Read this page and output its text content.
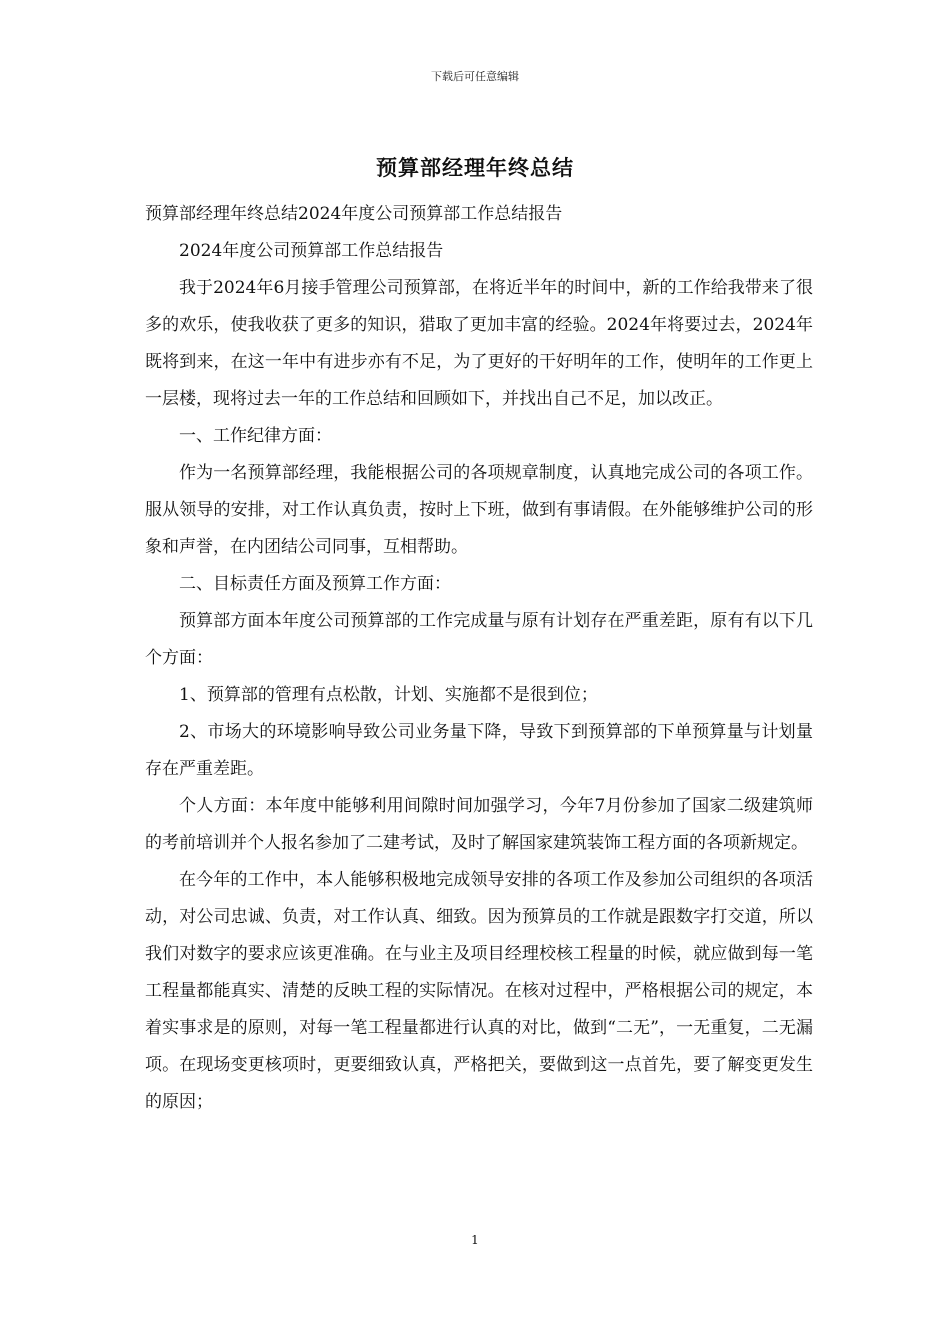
下载后可任意编辑
预算部经理年终总结

预算部经理年终总结2024年度公司预算部工作总结报告

2024年度公司预算部工作总结报告

我于2024年6月接手管理公司预算部，在将近半年的时间中，新的工作给我带来了很多的欢乐，使我收获了更多的知识，猎取了更加丰富的经验。2024年将要过去，2024年既将到来，在这一年中有进步亦有不足，为了更好的干好明年的工作，使明年的工作更上一层楼，现将过去一年的工作总结和回顾如下，并找出自己不足，加以改正。

一、工作纪律方面：

作为一名预算部经理，我能根据公司的各项规章制度，认真地完成公司的各项工作。服从领导的安排，对工作认真负责，按时上下班，做到有事请假。在外能够维护公司的形象和声誉，在内团结公司同事，互相帮助。

二、目标责任方面及预算工作方面：

预算部方面本年度公司预算部的工作完成量与原有计划存在严重差距，原有有以下几个方面：

1、预算部的管理有点松散，计划、实施都不是很到位；

2、市场大的环境影响导致公司业务量下降，导致下到预算部的下单预算量与计划量存在严重差距。

个人方面：本年度中能够利用间隙时间加强学习，今年7月份参加了国家二级建筑师的考前培训并个人报名参加了二建考试，及时了解国家建筑装饰工程方面的各项新规定。

在今年的工作中，本人能够积极地完成领导安排的各项工作及参加公司组织的各项活动，对公司忠诚、负责，对工作认真、细致。因为预算员的工作就是跟数字打交道，所以我们对数字的要求应该更准确。在与业主及项目经理校核工程量的时候，就应做到每一笔工程量都能真实、清楚的反映工程的实际情况。在核对过程中，严格根据公司的规定，本着实事求是的原则，对每一笔工程量都进行认真的对比，做到“二无”，一无重复，二无漏项。在现场变更核项时，更要细致认真，严格把关，要做到这一点首先，要了解变更发生的原因；

1
